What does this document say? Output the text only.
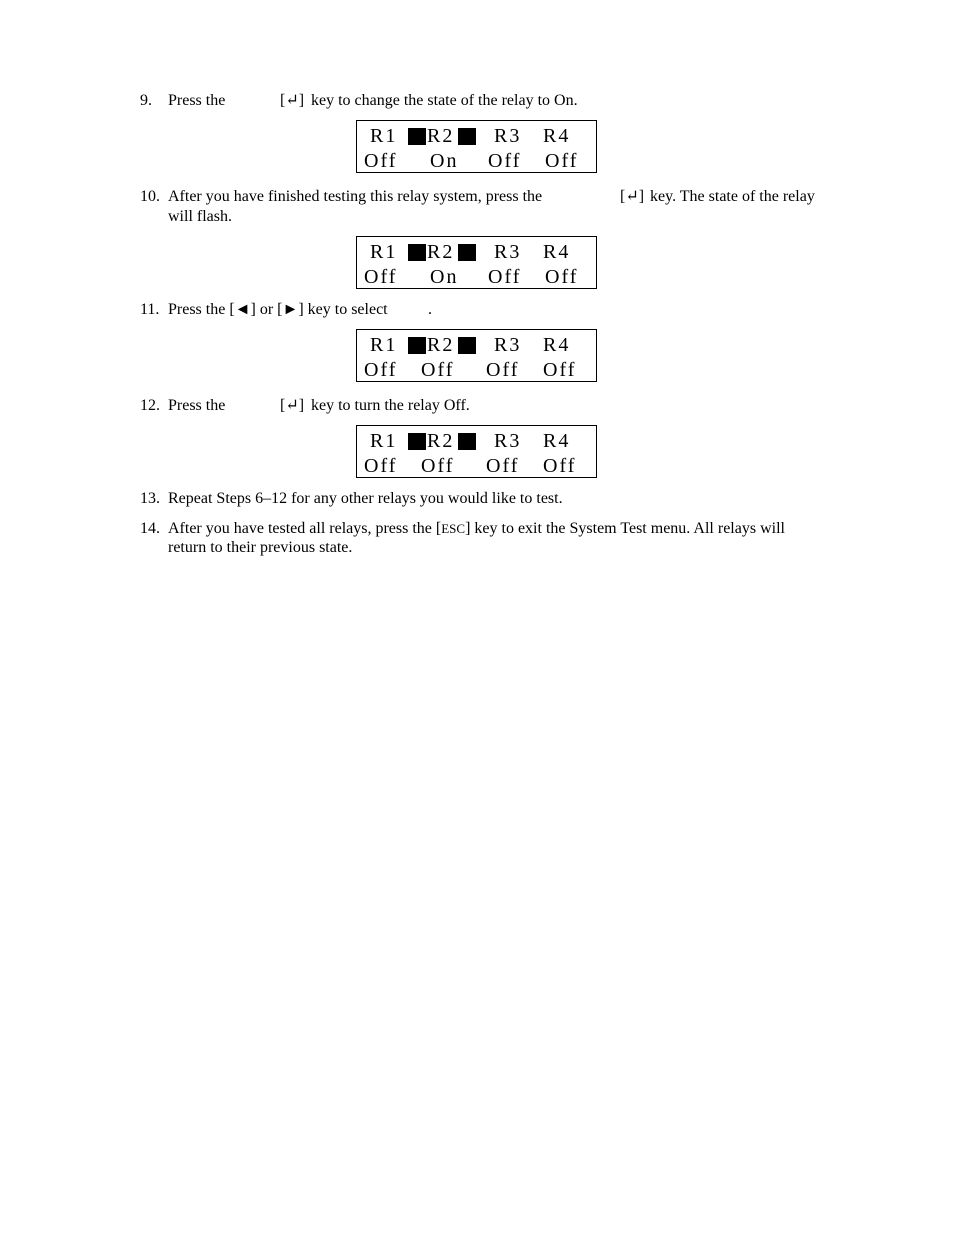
9. Press the	[↵] key to change the state of the relay to On.
R1 R2 R3 R4
Off On Off Off
10. After you have finished testing this relay system, press the	[↵] key. The state of the relay
will flash.
R1 R2 R3 R4
Off On Off Off
11. Press the [◄] or [►] key to select	.
R1 R2 R3 R4
Off Off Off Off
12. Press the	[↵] key to turn the relay Off.
R1 R2 R3 R4
Off Off Off Off
13. Repeat Steps 6–12 for any other relays you would like to test.
14. After you have tested all relays, press the [ESC] key to exit the System Test menu. All relays will
return to their previous state.
